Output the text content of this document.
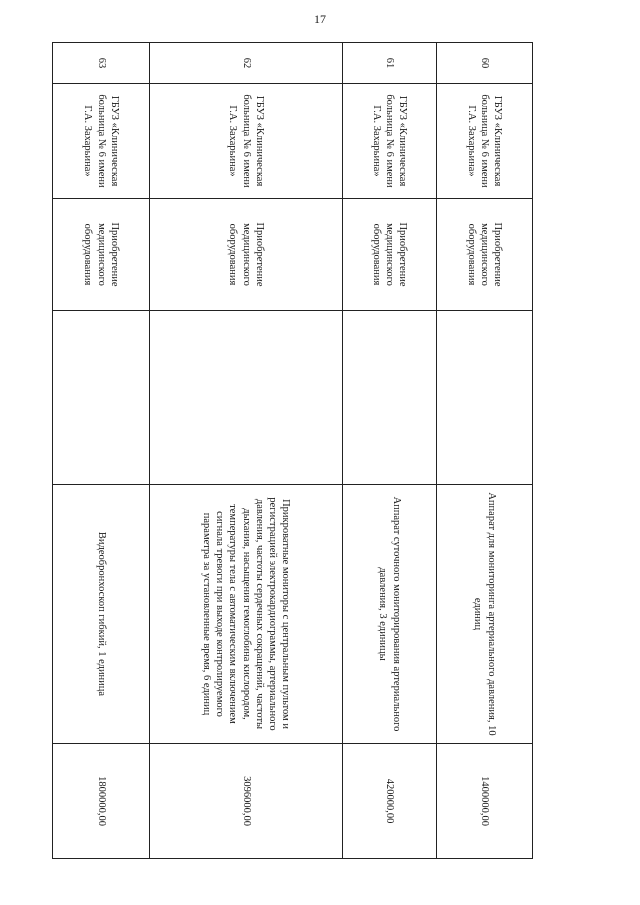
17
60	ГБУЗ «Клиническая больница № 6 имени Г.А. Захарьина»	Приобретение медицинского оборудования		Аппарат для мониторинга артериального давления, 10 единиц	1400000,00
61	ГБУЗ «Клиническая больница № 6 имени Г.А. Захарьина»	Приобретение медицинского оборудования		Аппарат суточного мониторирования артериального давления, 3 единицы	420000,00
62	ГБУЗ «Клиническая больница № 6 имени Г.А. Захарьина»	Приобретение медицинского оборудования		Прикроватные мониторы с центральным пультом и регистрацией электрокардиограммы, артериального давления, частоты сердечных сокращений, частоты дыхания, насыщения гемоглобина кислородом, температуры тела с автоматическим включением сигнала тревоги при выходе контролируемого параметра за установленные время, 6 единиц	3096000,00
63	ГБУЗ «Клиническая больница № 6 имени Г.А. Захарьина»	Приобретение медицинского оборудования		Видеобронхоскоп гибкий, 1 единица	1800000,00
